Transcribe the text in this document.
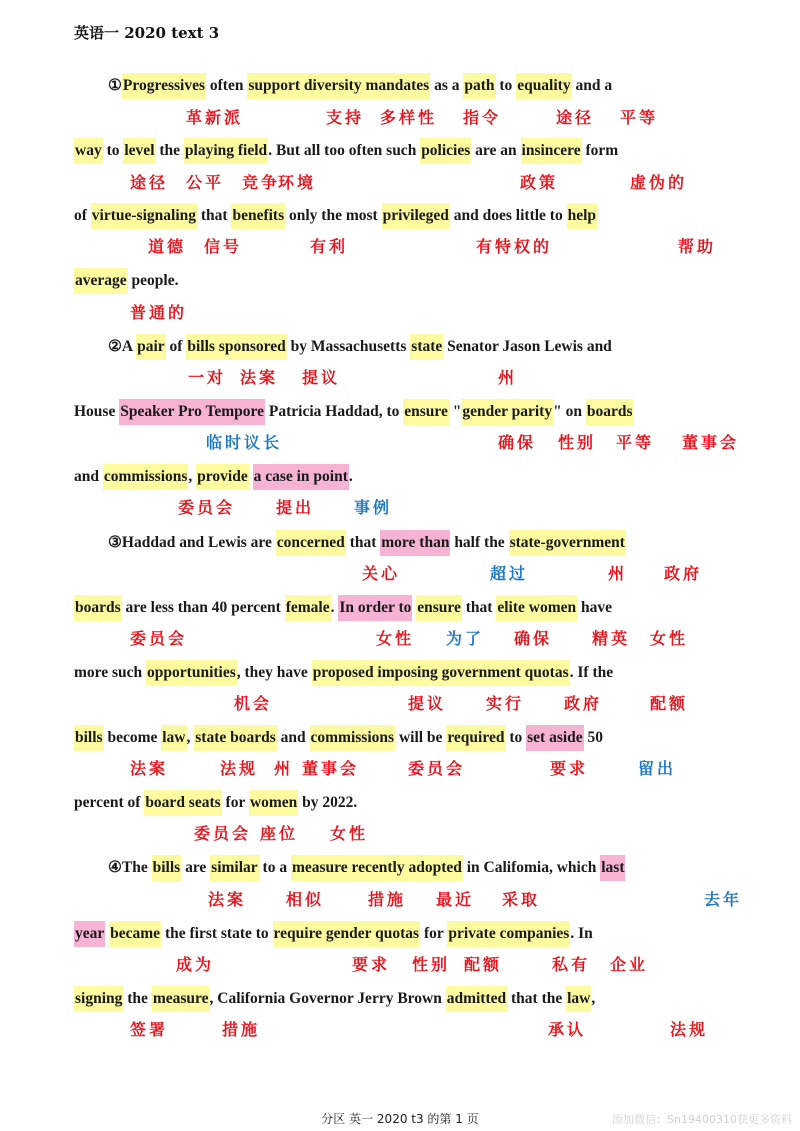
英语一 2020 text 3
①Progressives often support diversity mandates as a path to equality and a
革新派	支持 多样性 指令	途径 平等
way to level the playing field. But all too often such policies are an insincere form
途径 公平 竞争
环境	政策	虚伪的
of virtue-signaling that benefits only the most privileged and does little to help
道德 信号	有利	有特权的	帮助
average people.
普通的
②A pair of bills sponsored by Massachusetts state Senator Jason Lewis and
一对 法案 提议	州
House Speaker Pro Tempore Patricia Haddad, to ensure "gender parity" on boards
临时议长	确保 性别 平等 董事会
and commissions, provide a case in point.
委员会	提出 事例
③Haddad and Lewis are concerned that more than half the state-government
关心	超过	州 政府
boards are less than 40 percent female. In order to ensure that elite women have
委员会	女性 为了 确保 精英 女性
more such opportunities, they have proposed imposing government quotas. If the
机会	提议 实行 政府	配额
bills become law, state boards and commissions will be required to set aside 50
法案	法规 州 董事会	委员会	要求	留出
percent of board seats for women by 2022.
委员会 座位 女性
④The bills are similar to a measure recently adopted in Califomia, which last
法案 相似	措施 最近 采取	去年
year became the first state to require gender quotas for private companies. In
成为	要求 性别 配额	私有 企业
signing the measure, California Governor Jerry Brown admitted that the law,
签署	措施	承认	法规
分区 英一 2020 t3 的第 1 页	添加微信：Sn19400310获更多资料
